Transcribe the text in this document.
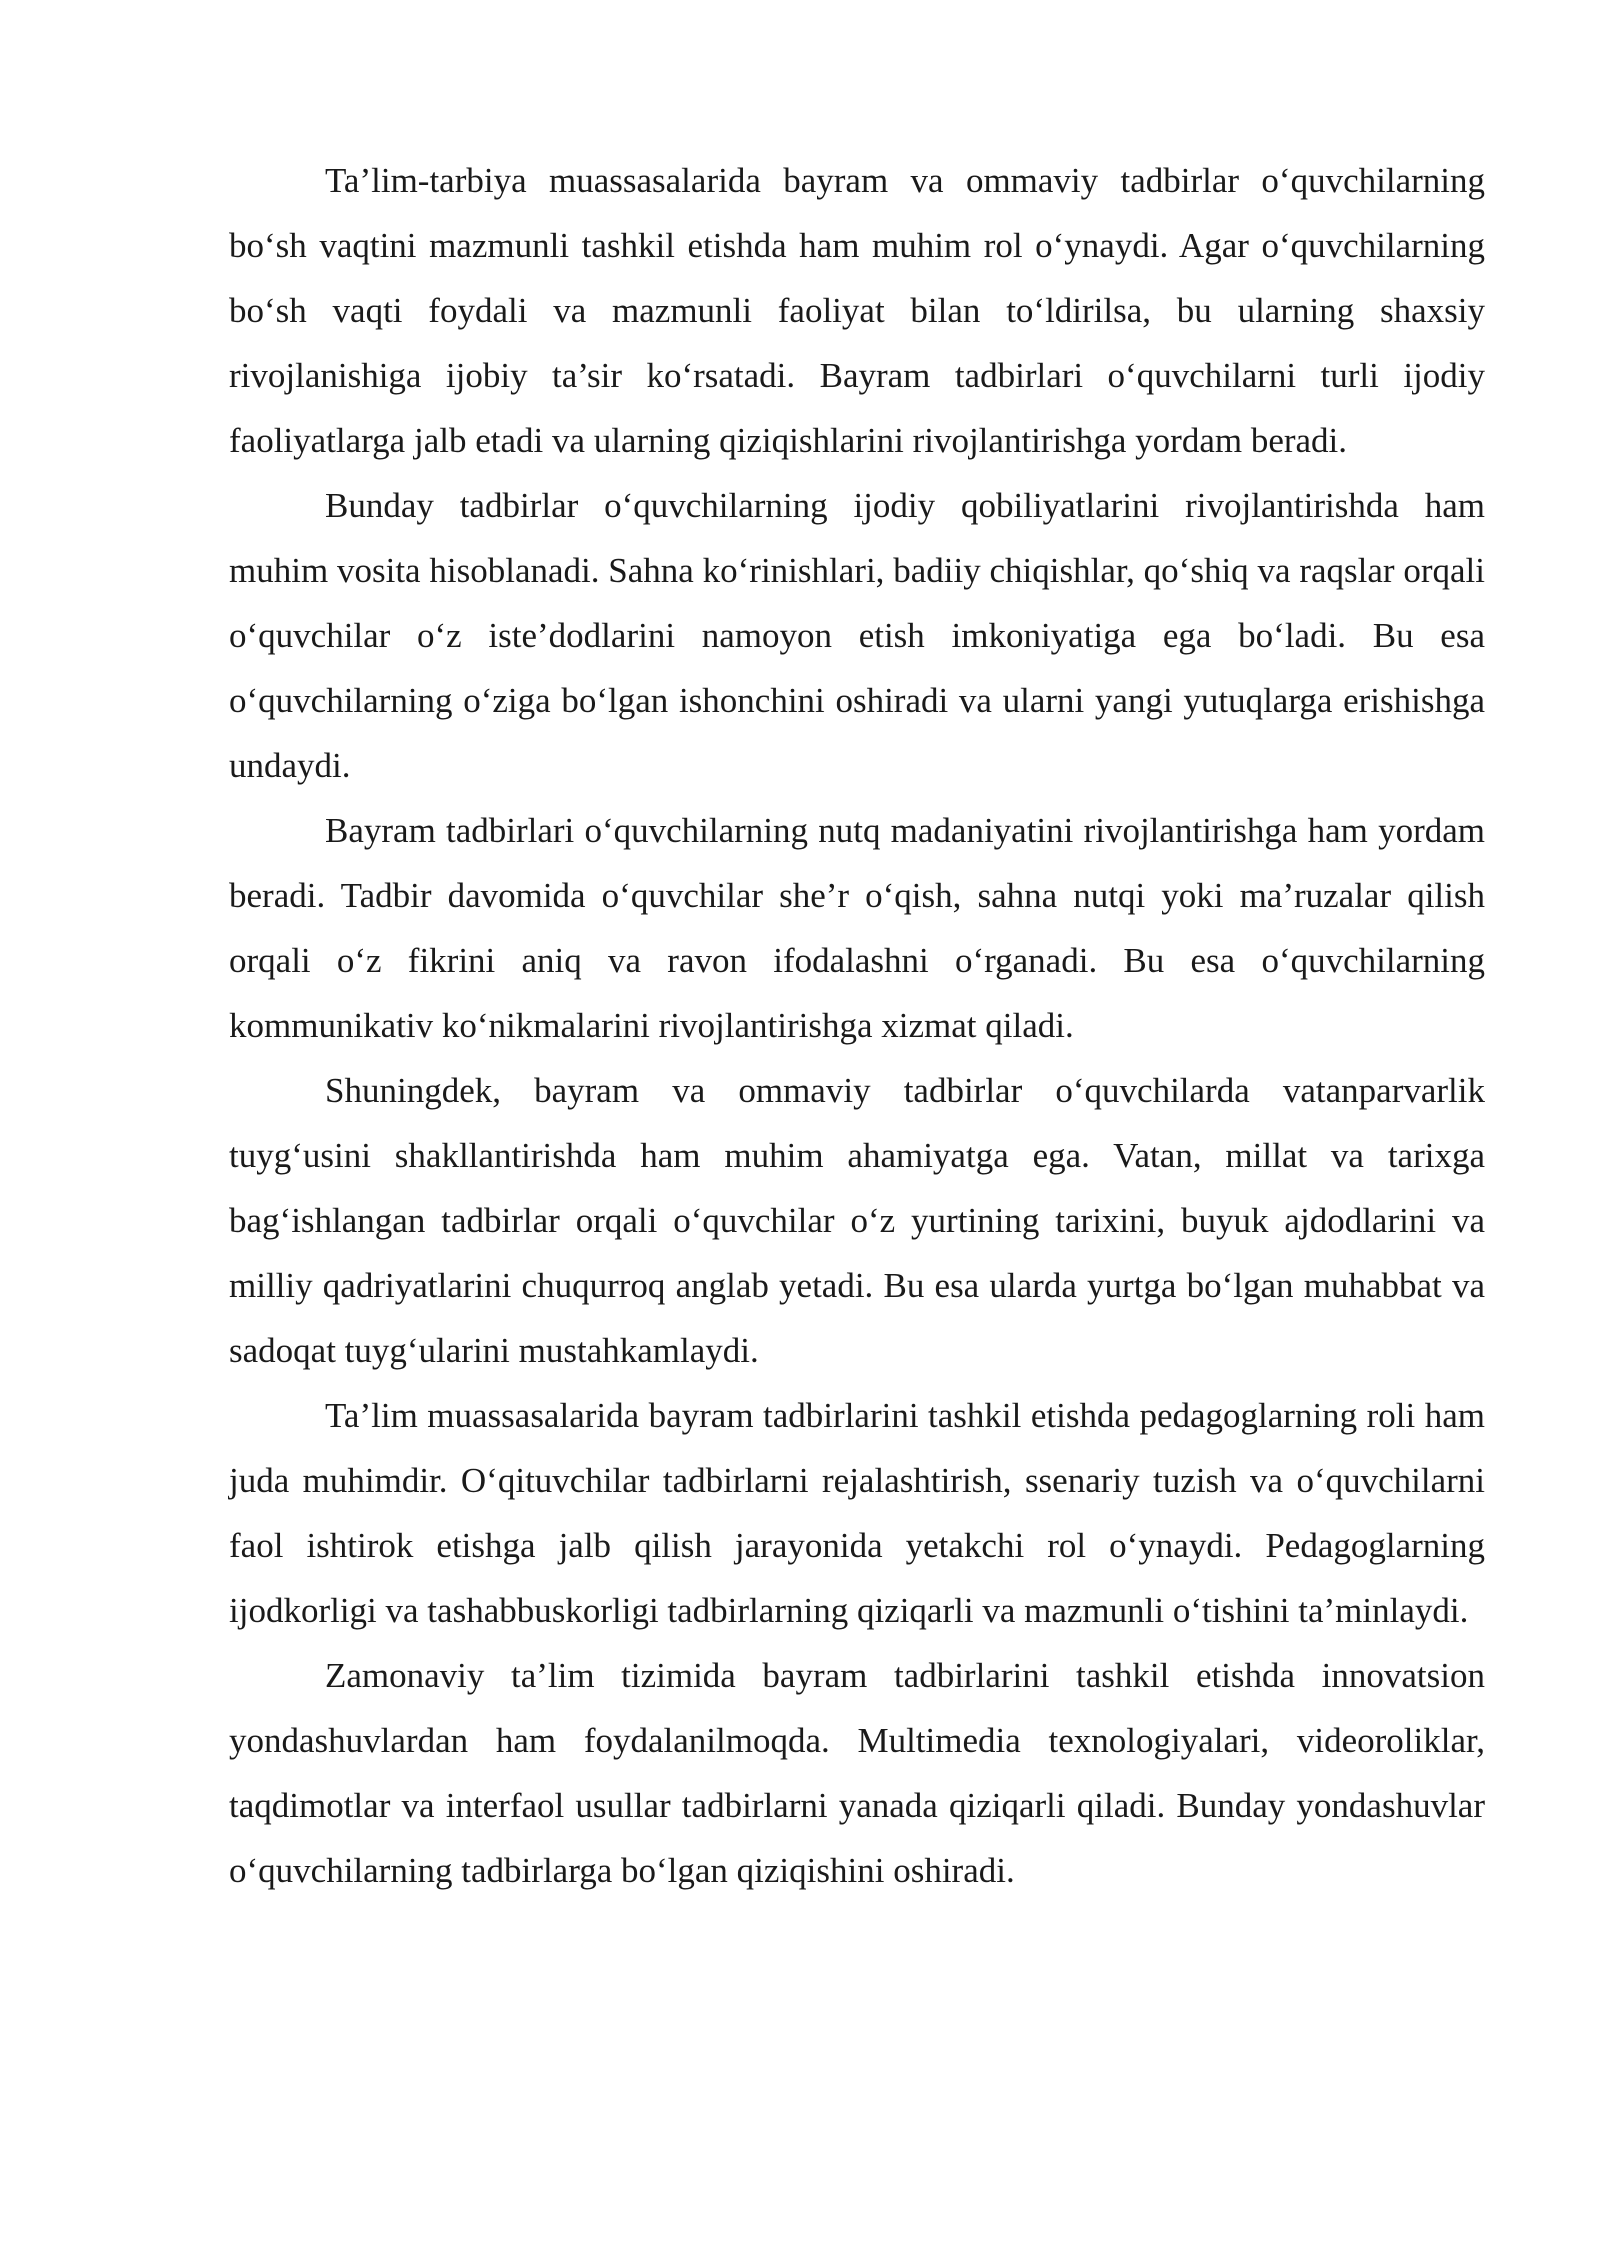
Ta’lim-tarbiya muassasalarida bayram va ommaviy tadbirlar o‘quvchilarning bo‘sh vaqtini mazmunli tashkil etishda ham muhim rol o‘ynaydi. Agar o‘quvchilarning bo‘sh vaqti foydali va mazmunli faoliyat bilan to‘ldirilsa, bu ularning shaxsiy rivojlanishiga ijobiy ta’sir ko‘rsatadi. Bayram tadbirlari o‘quvchilarni turli ijodiy faoliyatlarga jalb etadi va ularning qiziqishlarini rivojlantirishga yordam beradi.

Bunday tadbirlar o‘quvchilarning ijodiy qobiliyatlarini rivojlantirishda ham muhim vosita hisoblanadi. Sahna ko‘rinishlari, badiiy chiqishlar, qo‘shiq va raqslar orqali o‘quvchilar o‘z iste’dodlarini namoyon etish imkoniyatiga ega bo‘ladi. Bu esa o‘quvchilarning o‘ziga bo‘lgan ishonchini oshiradi va ularni yangi yutuqlarga erishishga undaydi.

Bayram tadbirlari o‘quvchilarning nutq madaniyatini rivojlantirishga ham yordam beradi. Tadbir davomida o‘quvchilar she’r o‘qish, sahna nutqi yoki ma’ruzalar qilish orqali o‘z fikrini aniq va ravon ifodalashni o‘rganadi. Bu esa o‘quvchilarning kommunikativ ko‘nikmalarini rivojlantirishga xizmat qiladi.

Shuningdek, bayram va ommaviy tadbirlar o‘quvchilarda vatanparvarlik tuyg‘usini shakllantirishda ham muhim ahamiyatga ega. Vatan, millat va tarixga bag‘ishlangan tadbirlar orqali o‘quvchilar o‘z yurtining tarixini, buyuk ajdodlarini va milliy qadriyatlarini chuqurroq anglab yetadi. Bu esa ularda yurtga bo‘lgan muhabbat va sadoqat tuyg‘ularini mustahkamlaydi.

Ta’lim muassasalarida bayram tadbirlarini tashkil etishda pedagoglarning roli ham juda muhimdir. O‘qituvchilar tadbirlarni rejalashtirish, ssenariy tuzish va o‘quvchilarni faol ishtirok etishga jalb qilish jarayonida yetakchi rol o‘ynaydi. Pedagoglarning ijodkorligi va tashabbuskorligi tadbirlarning qiziqarli va mazmunli o‘tishini ta’minlaydi.

Zamonaviy ta’lim tizimida bayram tadbirlarini tashkil etishda innovatsion yondashuvlardan ham foydalanilmoqda. Multimedia texnologiyalari, videoroliklar, taqdimotlar va interfaol usullar tadbirlarni yanada qiziqarli qiladi. Bunday yondashuvlar o‘quvchilarning tadbirlarga bo‘lgan qiziqishini oshiradi.
